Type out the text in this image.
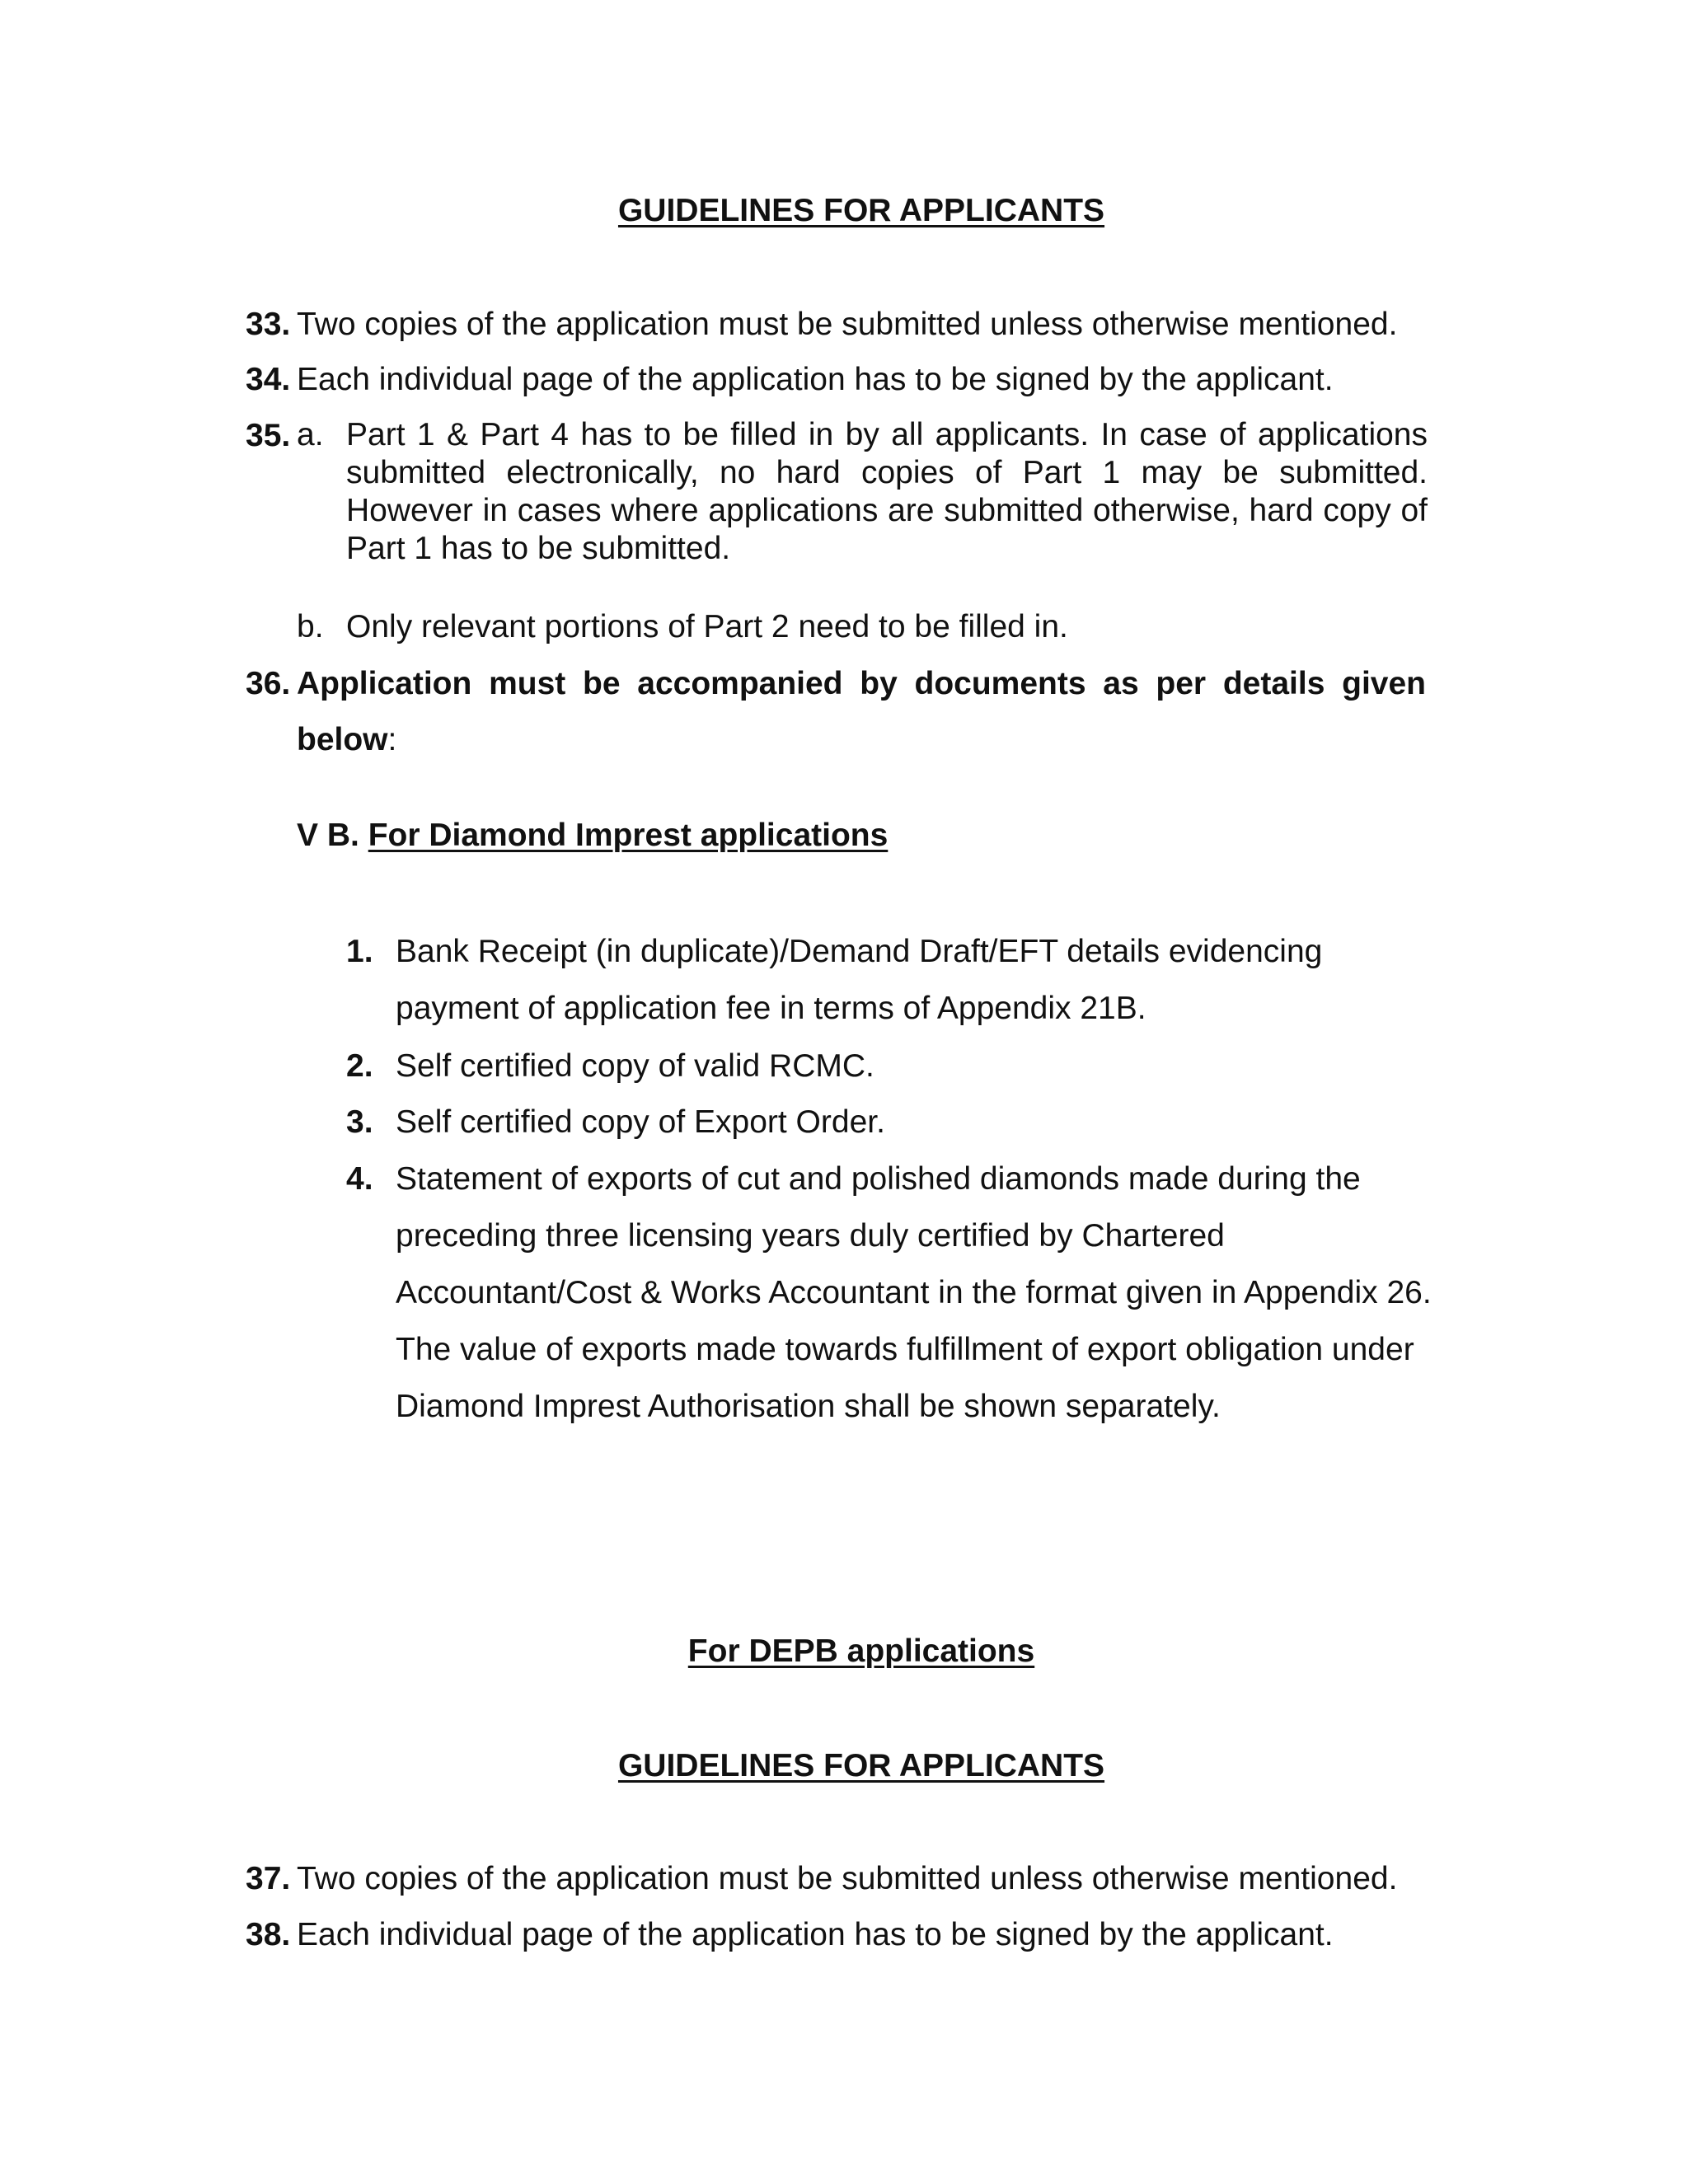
GUIDELINES FOR APPLICANTS

33. Two copies of the application must be submitted unless otherwise mentioned.
34. Each individual page of the application has to be signed by the applicant.
35. a. Part 1 & Part 4 has to be filled in by all applicants. In case of applications submitted electronically, no hard copies of Part 1 may be submitted. However in cases where applications are submitted otherwise, hard copy of Part 1 has to be submitted.
b. Only relevant portions of Part 2 need to be filled in.
36. Application must be accompanied by documents as per details given below:

V B. For Diamond Imprest applications

1. Bank Receipt (in duplicate)/Demand Draft/EFT details evidencing payment of application fee in terms of Appendix 21B.
2. Self certified copy of valid RCMC.
3. Self certified copy of Export Order.
4. Statement of exports of cut and polished diamonds made during the preceding three licensing years duly certified by Chartered Accountant/Cost & Works Accountant in the format given in Appendix 26. The value of exports made towards fulfillment of export obligation under Diamond Imprest Authorisation shall be shown separately.

For DEPB applications

GUIDELINES FOR APPLICANTS

37. Two copies of the application must be submitted unless otherwise mentioned.
38. Each individual page of the application has to be signed by the applicant.
